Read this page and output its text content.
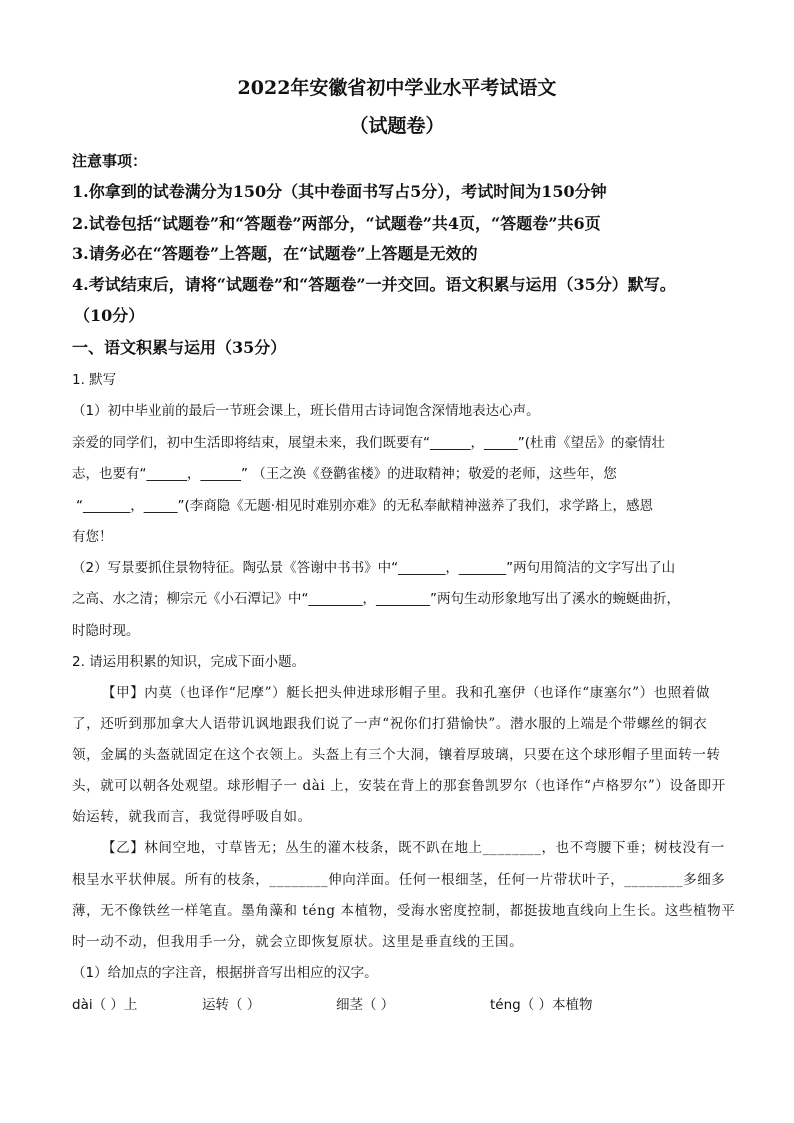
2022年安徽省初中学业水平考试语文
（试题卷）
注意事项：
1.你拿到的试卷满分为150分（其中卷面书写占5分），考试时间为150分钟
2.试卷包括“试题卷”和“答题卷”两部分，“试题卷”共4页，“答题卷”共6页
3.请务必在“答题卷”上答题，在“试题卷”上答题是无效的
4.考试结束后，请将“试题卷”和“答题卷”一并交回。语文积累与运用（35分）默写。
（10分）
一、语文积累与运用（35分）
1. 默写
（1）初中毕业前的最后一节班会课上，班长借用古诗词饱含深情地表达心声。
亲爱的同学们，初中生活即将结束，展望未来，我们既要有“______，_____”(杜甫《望岳》的豪情壮
志，也要有“______，______” （王之涣《登鹳雀楼》的进取精神；敬爱的老师，这些年，您
“_______，_____”(李商隐《无题·相见时难别亦难》的无私奉献精神滋养了我们，求学路上，感恩
有您！
（2）写景要抓住景物特征。陶弘景《答谢中书书》中“_______，_______”两句用简洁的文字写出了山
之高、水之清；柳宗元《小石潭记》中“________，________”两句生动形象地写出了溪水的蜿蜒曲折，
时隐时现。
2. 请运用积累的知识，完成下面小题。
【甲】内莫（也译作“尼摩”）艇长把头伸进球形帽子里。我和孔塞伊（也译作“康塞尔”）也照着做
了，还听到那加拿大人语带讥讽地跟我们说了一声“祝你们打猎愉快”。潜水服的上端是个带螺丝的铜衣
领，金属的头盔就固定在这个衣领上。头盔上有三个大洞，镶着厚玻璃，只要在这个球形帽子里面转一转
头，就可以朝各处观望。球形帽子一 dài 上，安装在背上的那套鲁凯罗尔（也译作“卢格罗尔”）设备即开
始运转，就我而言，我觉得呼吸自如。
【乙】林间空地，寸草皆无；丛生的灌木枝条，既不趴在地上________，也不弯腰下垂；树枝没有一
根呈水平状伸展。所有的枝条，________伸向洋面。任何一根细茎，任何一片带状叶子，________多细多
薄，无不像铁丝一样笔直。墨角藻和 téng 本植物，受海水密度控制，都挺拔地直线向上生长。这些植物平
时一动不动，但我用手一分，就会立即恢复原状。这里是垂直线的王国。
（1）给加点的字注音，根据拼音写出相应的汉字。
dài（ ）上	运转（ ）	细茎（ ）	téng（ ）本植物
